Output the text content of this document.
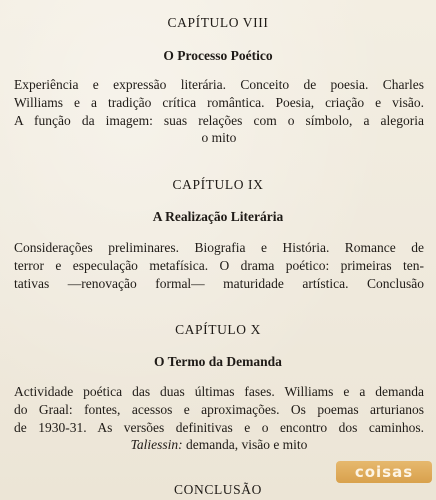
CAPÍTULO VIII
O Processo Poético
Experiência e expressão literária. Conceito de poesia. Charles
Williams e a tradição crítica romântica. Poesia, criação e visão.
A função da imagem: suas relações com o símbolo, a alegoria
o mito
CAPÍTULO IX
A Realização Literária
Considerações preliminares. Biografia e História. Romance de
terror e especulação metafísica. O drama poético: primeiras ten-
tativas —renovação formal— maturidade artística. Conclusão
CAPÍTULO X
O Termo da Demanda
Actividade poética das duas últimas fases. Williams e a demanda
do Graal: fontes, acessos e aproximações. Os poemas arturianos
de 1930-31. As versões definitivas e o encontro dos caminhos.
Taliessin: demanda, visão e mito
CONCLUSÃO
coisas
